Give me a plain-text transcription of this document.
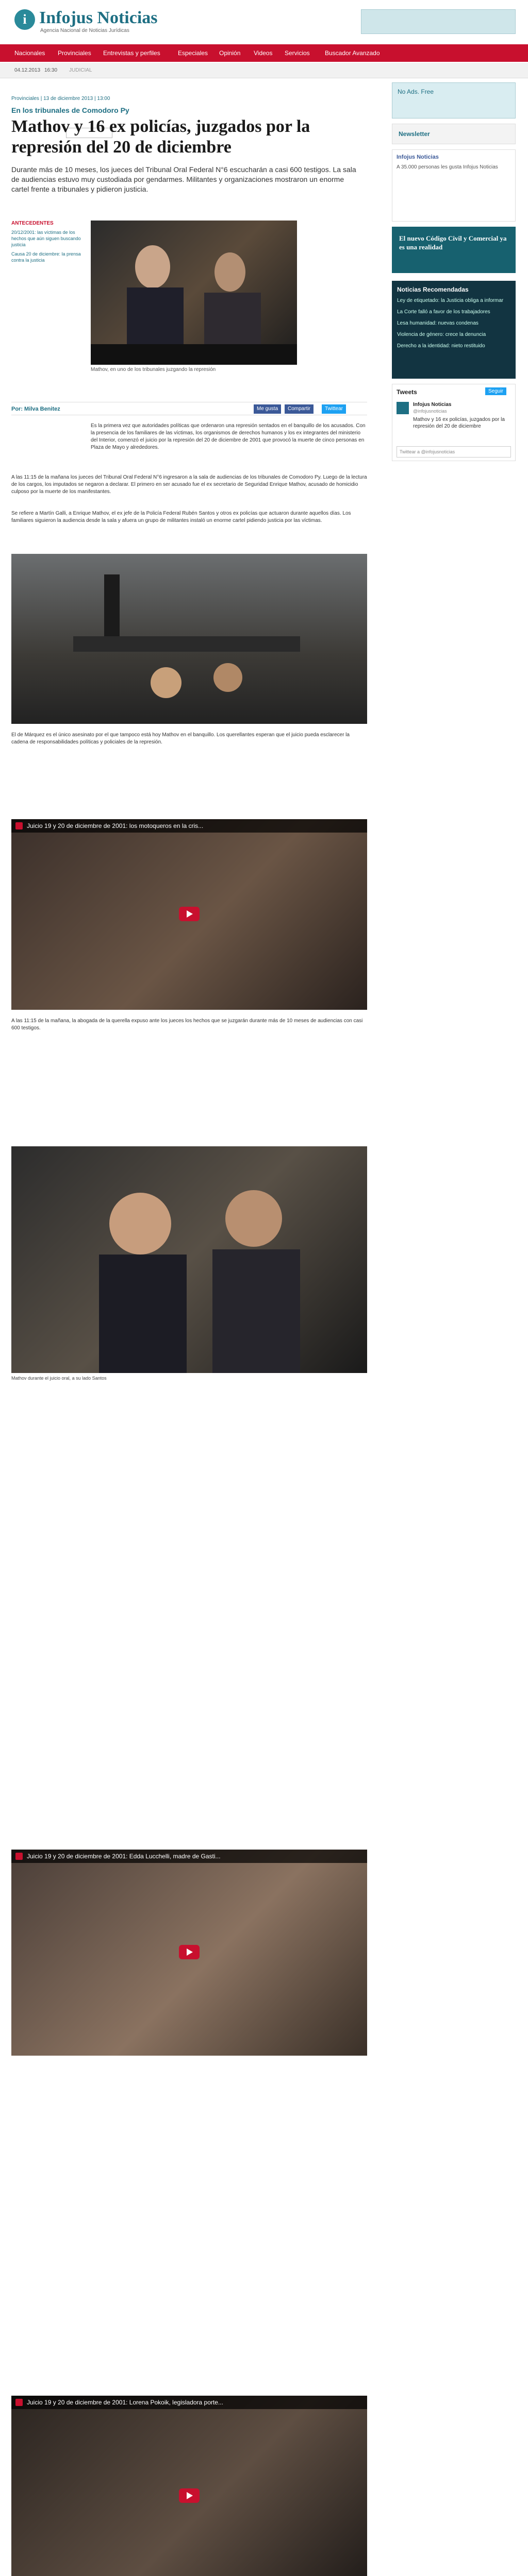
i Infojus Noticias
Agencia Nacional de Noticias Jurídicas
Nacionales Provinciales Entrevistas y perfiles	Especiales Opinión Videos Servicios Buscador Avanzado
04.12.2013 16:30 JUDICIAL
Provinciales | 13 de diciembre 2013 | 13:00
En los tribunales de Comodoro Py
Mathov y 16 ex policías, juzgados por la represión del 20 de diciembre
Durante más de 10 meses, los jueces del Tribunal Oral Federal N°6 escucharán a casi 600 testigos. La sala de audiencias estuvo muy custodiada por gendarmes. Militantes y organizaciones mostraron un enorme cartel frente a tribunales y pidieron justicia.
ANTECEDENTES
20/12/2001: las víctimas de los hechos que aún siguen buscando justicia
Causa 20 de diciembre: la prensa contra la justicia
Mathov, en uno de los tribunales juzgando la represión
Por: Milva Benitez	Me gusta	Compartir	Twittear
Es la primera vez que autoridades políticas que ordenaron una represión sentados en el banquillo de los acusados. Con la presencia de los familiares de las víctimas, los organismos de derechos humanos y los ex integrantes del ministerio del Interior, comenzó el juicio por la represión del 20 de diciembre de 2001 que provocó la muerte de cinco personas en Plaza de Mayo y alrededores.
A las 11:15 de la mañana los jueces del Tribunal Oral Federal N°6 ingresaron a la sala de audiencias de los tribunales de Comodoro Py. Luego de la lectura de los cargos, los imputados se negaron a declarar. El primero en ser acusado fue el ex secretario de Seguridad Enrique Mathov, acusado de homicidio culposo por la muerte de los manifestantes.
Se refiere a Martín Galli, a Enrique Mathov, el ex jefe de la Policía Federal Rubén Santos y otros ex policías que actuaron durante aquellos días. Los familiares siguieron la audiencia desde la sala y afuera un grupo de militantes instaló un enorme cartel pidiendo justicia por las víctimas.
El de Márquez es el único asesinato por el que tampoco está hoy Mathov en el banquillo. Los querellantes esperan que el juicio pueda esclarecer la cadena de responsabilidades políticas y policiales de la represión.
Juicio 19 y 20 de diciembre de 2001: los motoqueros en la cris...
A las 11:15 de la mañana, la abogada de la querella expuso ante los jueces los hechos que se juzgarán durante más de 10 meses de audiencias con casi 600 testigos.
Mathov durante el juicio oral, a su lado Santos
Juicio 19 y 20 de diciembre de 2001: Edda Lucchelli, madre de Gasti...
Juicio 19 y 20 de diciembre de 2001: Lorena Pokoik, legisladora porte...
No Ads. Free
Newsletter
Infojus Noticias
A 35.000 personas les gusta Infojus Noticias
El nuevo Código Civil y Comercial ya es una realidad
Noticias Recomendadas
Ley de etiquetado: la Justicia obliga a informar
La Corte falló a favor de los trabajadores
Lesa humanidad: nuevas condenas
Violencia de género: crece la denuncia
Derecho a la identidad: nieto restituido
Tweets	Seguir
Infojus Noticias
@infojusnoticias
Mathov y 16 ex policías, juzgados por la represión del 20 de diciembre
Twittear a @infojusnoticias
